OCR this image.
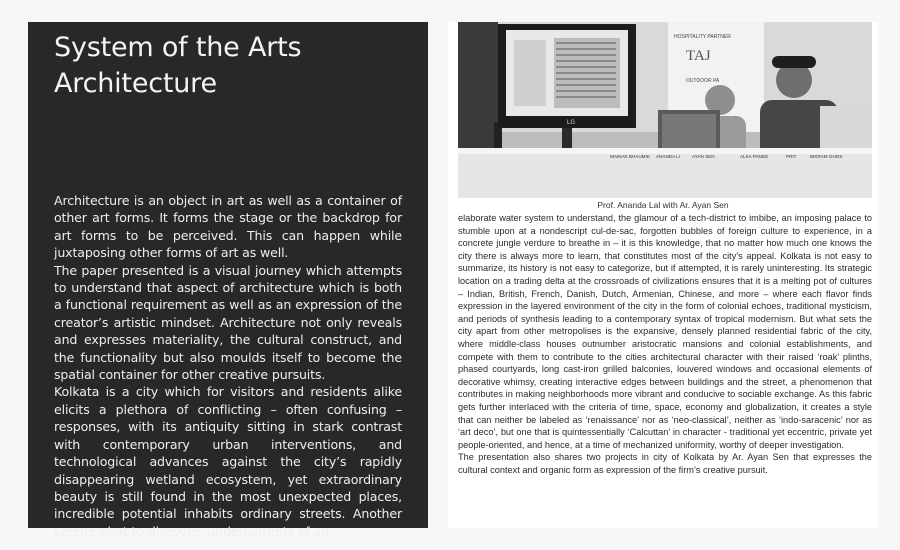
System of the Arts
Architecture

Architecture is an object in art as well as a container of other art forms. It forms the stage or the backdrop for art forms to be perceived. This can happen while juxtaposing other forms of art as well.

The paper presented is a visual journey which attempts to understand that aspect of architecture which is both a functional requirement as well as an expression of the creator’s artistic mindset. Architecture not only reveals and expresses materiality, the cultural construct, and the functionality but also moulds itself to become the spatial container for other creative pursuits.

Kolkata is a city which for visitors and residents alike elicits a plethora of conflicting – often confusing – responses, with its antiquity sitting in stark contrast with contemporary urban interventions, and technological advances against the city’s rapidly disappearing wetland ecosystem, yet extraordinary beauty is still found in the most unexpected places, incredible potential inhabits ordinary streets. Another serene ghat to discover, undercurrents of an

LG
HOSPITALITY PARTNER
TAJ
OUTDOOR PA
MAINAK BHAUMIK ANANDA LI	AYAN SEN	ALKA PANDE	PRIT	BIKRAM GHOS
Prof. Ananda Lal with Ar. Ayan Sen

elaborate water system to understand, the glamour of a tech-district to imbibe, an imposing palace to stumble upon at a nondescript cul-de-sac, forgotten bubbles of foreign culture to experience, in a concrete jungle verdure to breathe in – it is this knowledge, that no matter how much one knows the city there is always more to learn, that constitutes most of the city’s appeal. Kolkata is not easy to summarize, its history is not easy to categorize, but if attempted, it is rarely uninteresting. Its strategic location on a trading delta at the crossroads of civilizations ensures that it is a melting pot of cultures – Indian, British, French, Danish, Dutch, Armenian, Chinese, and more – where each flavor finds expression in the layered environment of the city in the form of colonial echoes, traditional mysticism, and periods of synthesis leading to a contemporary syntax of tropical modernism. But what sets the city apart from other metropolises is the expansive, densely planned residential fabric of the city, where middle-class houses outnumber aristocratic mansions and colonial establishments, and compete with them to contribute to the cities architectural character with their raised ‘roak’ plinths, phased courtyards, long cast-iron grilled balconies, louvered windows and occasional elements of decorative whimsy, creating interactive edges between buildings and the street, a phenomenon that contributes in making neighborhoods more vibrant and conducive to sociable exchange. As this fabric gets further interlaced with the criteria of time, space, economy and globalization, it creates a style that can neither be labeled as ‘renaissance’ nor as ‘neo-classical’, neither as ‘indo-saracenic’ nor as ‘art deco’, but one that is quintessentially ‘Calcuttan’ in character - traditional yet eccentric, private yet people-oriented, and hence, at a time of mechanized uniformity, worthy of deeper investigation.

The presentation also shares two projects in city of Kolkata by Ar. Ayan Sen that expresses the cultural context and organic form as expression of the firm’s creative pursuit.
